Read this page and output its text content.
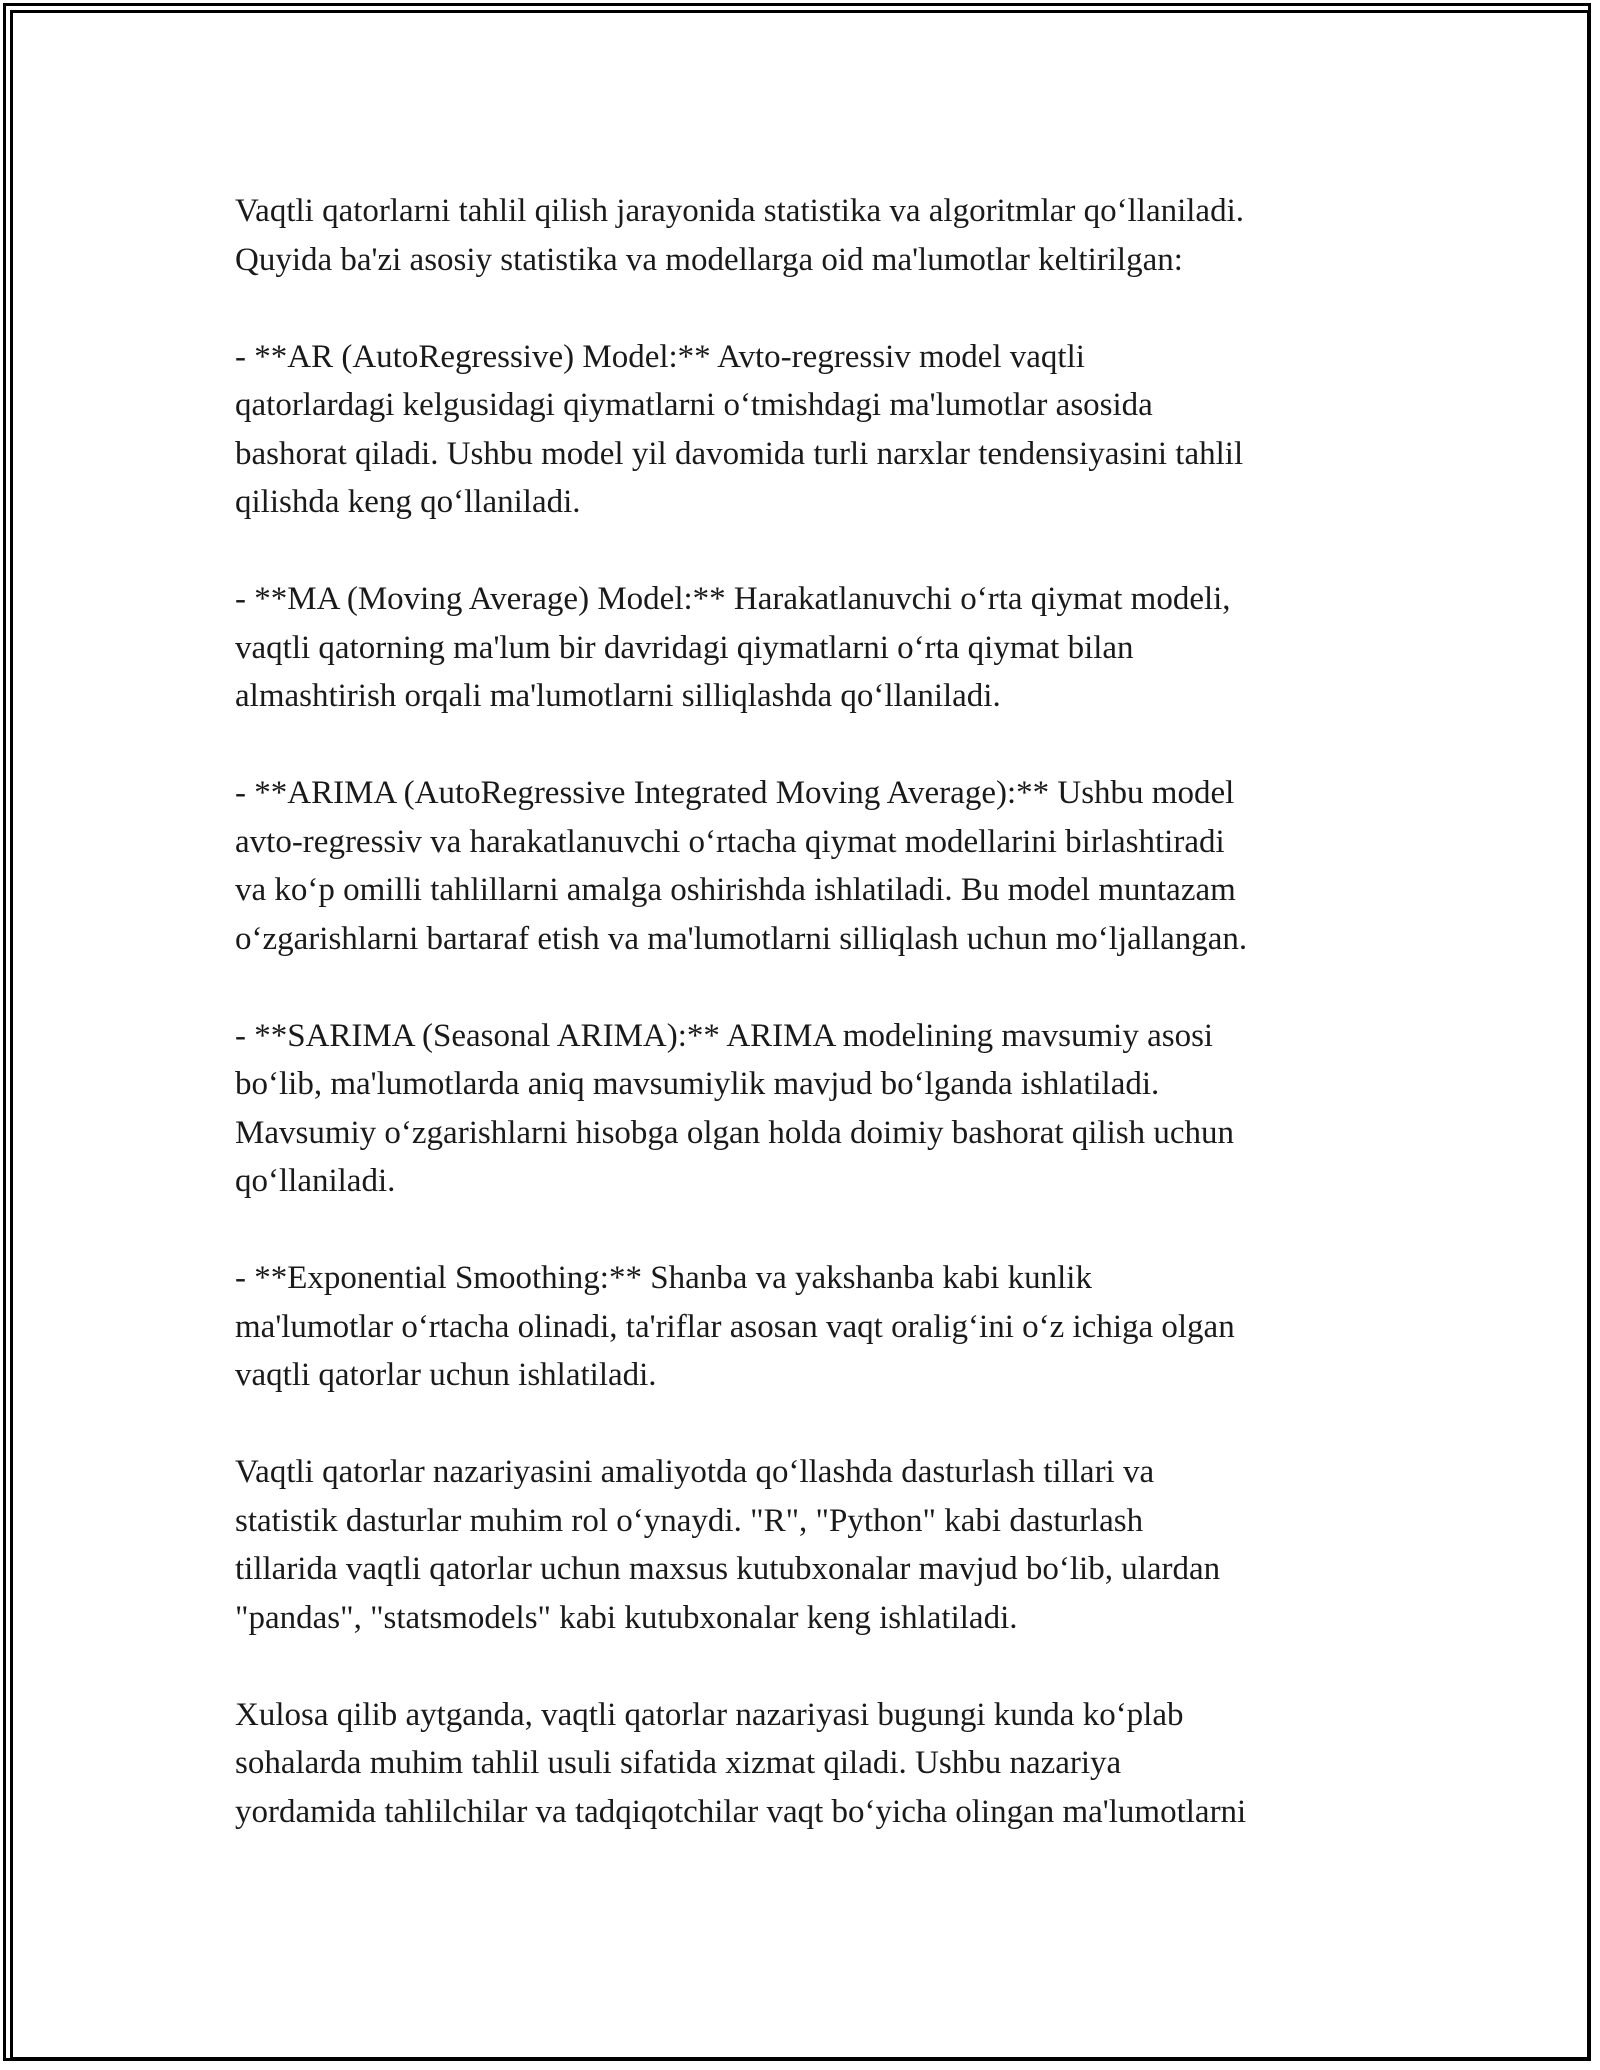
Vaqtli qatorlarni tahlil qilish jarayonida statistika va algoritmlar qo‘llaniladi.
Quyida ba'zi asosiy statistika va modellarga oid ma'lumotlar keltirilgan:

- **AR (AutoRegressive) Model:** Avto-regressiv model vaqtli
qatorlardagi kelgusidagi qiymatlarni o‘tmishdagi ma'lumotlar asosida
bashorat qiladi. Ushbu model yil davomida turli narxlar tendensiyasini tahlil
qilishda keng qo‘llaniladi.

- **MA (Moving Average) Model:** Harakatlanuvchi o‘rta qiymat modeli,
vaqtli qatorning ma'lum bir davridagi qiymatlarni o‘rta qiymat bilan
almashtirish orqali ma'lumotlarni silliqlashda qo‘llaniladi.

- **ARIMA (AutoRegressive Integrated Moving Average):** Ushbu model
avto-regressiv va harakatlanuvchi o‘rtacha qiymat modellarini birlashtiradi
va ko‘p omilli tahlillarni amalga oshirishda ishlatiladi. Bu model muntazam
o‘zgarishlarni bartaraf etish va ma'lumotlarni silliqlash uchun mo‘ljallangan.

- **SARIMA (Seasonal ARIMA):** ARIMA modelining mavsumiy asosi
bo‘lib, ma'lumotlarda aniq mavsumiylik mavjud bo‘lganda ishlatiladi.
Mavsumiy o‘zgarishlarni hisobga olgan holda doimiy bashorat qilish uchun
qo‘llaniladi.

- **Exponential Smoothing:** Shanba va yakshanba kabi kunlik
ma'lumotlar o‘rtacha olinadi, ta'riflar asosan vaqt oralig‘ini o‘z ichiga olgan
vaqtli qatorlar uchun ishlatiladi.

Vaqtli qatorlar nazariyasini amaliyotda qo‘llashda dasturlash tillari va
statistik dasturlar muhim rol o‘ynaydi. "R", "Python" kabi dasturlash
tillarida vaqtli qatorlar uchun maxsus kutubxonalar mavjud bo‘lib, ulardan
"pandas", "statsmodels" kabi kutubxonalar keng ishlatiladi.

Xulosa qilib aytganda, vaqtli qatorlar nazariyasi bugungi kunda ko‘plab
sohalarda muhim tahlil usuli sifatida xizmat qiladi. Ushbu nazariya
yordamida tahlilchilar va tadqiqotchilar vaqt bo‘yicha olingan ma'lumotlarni
